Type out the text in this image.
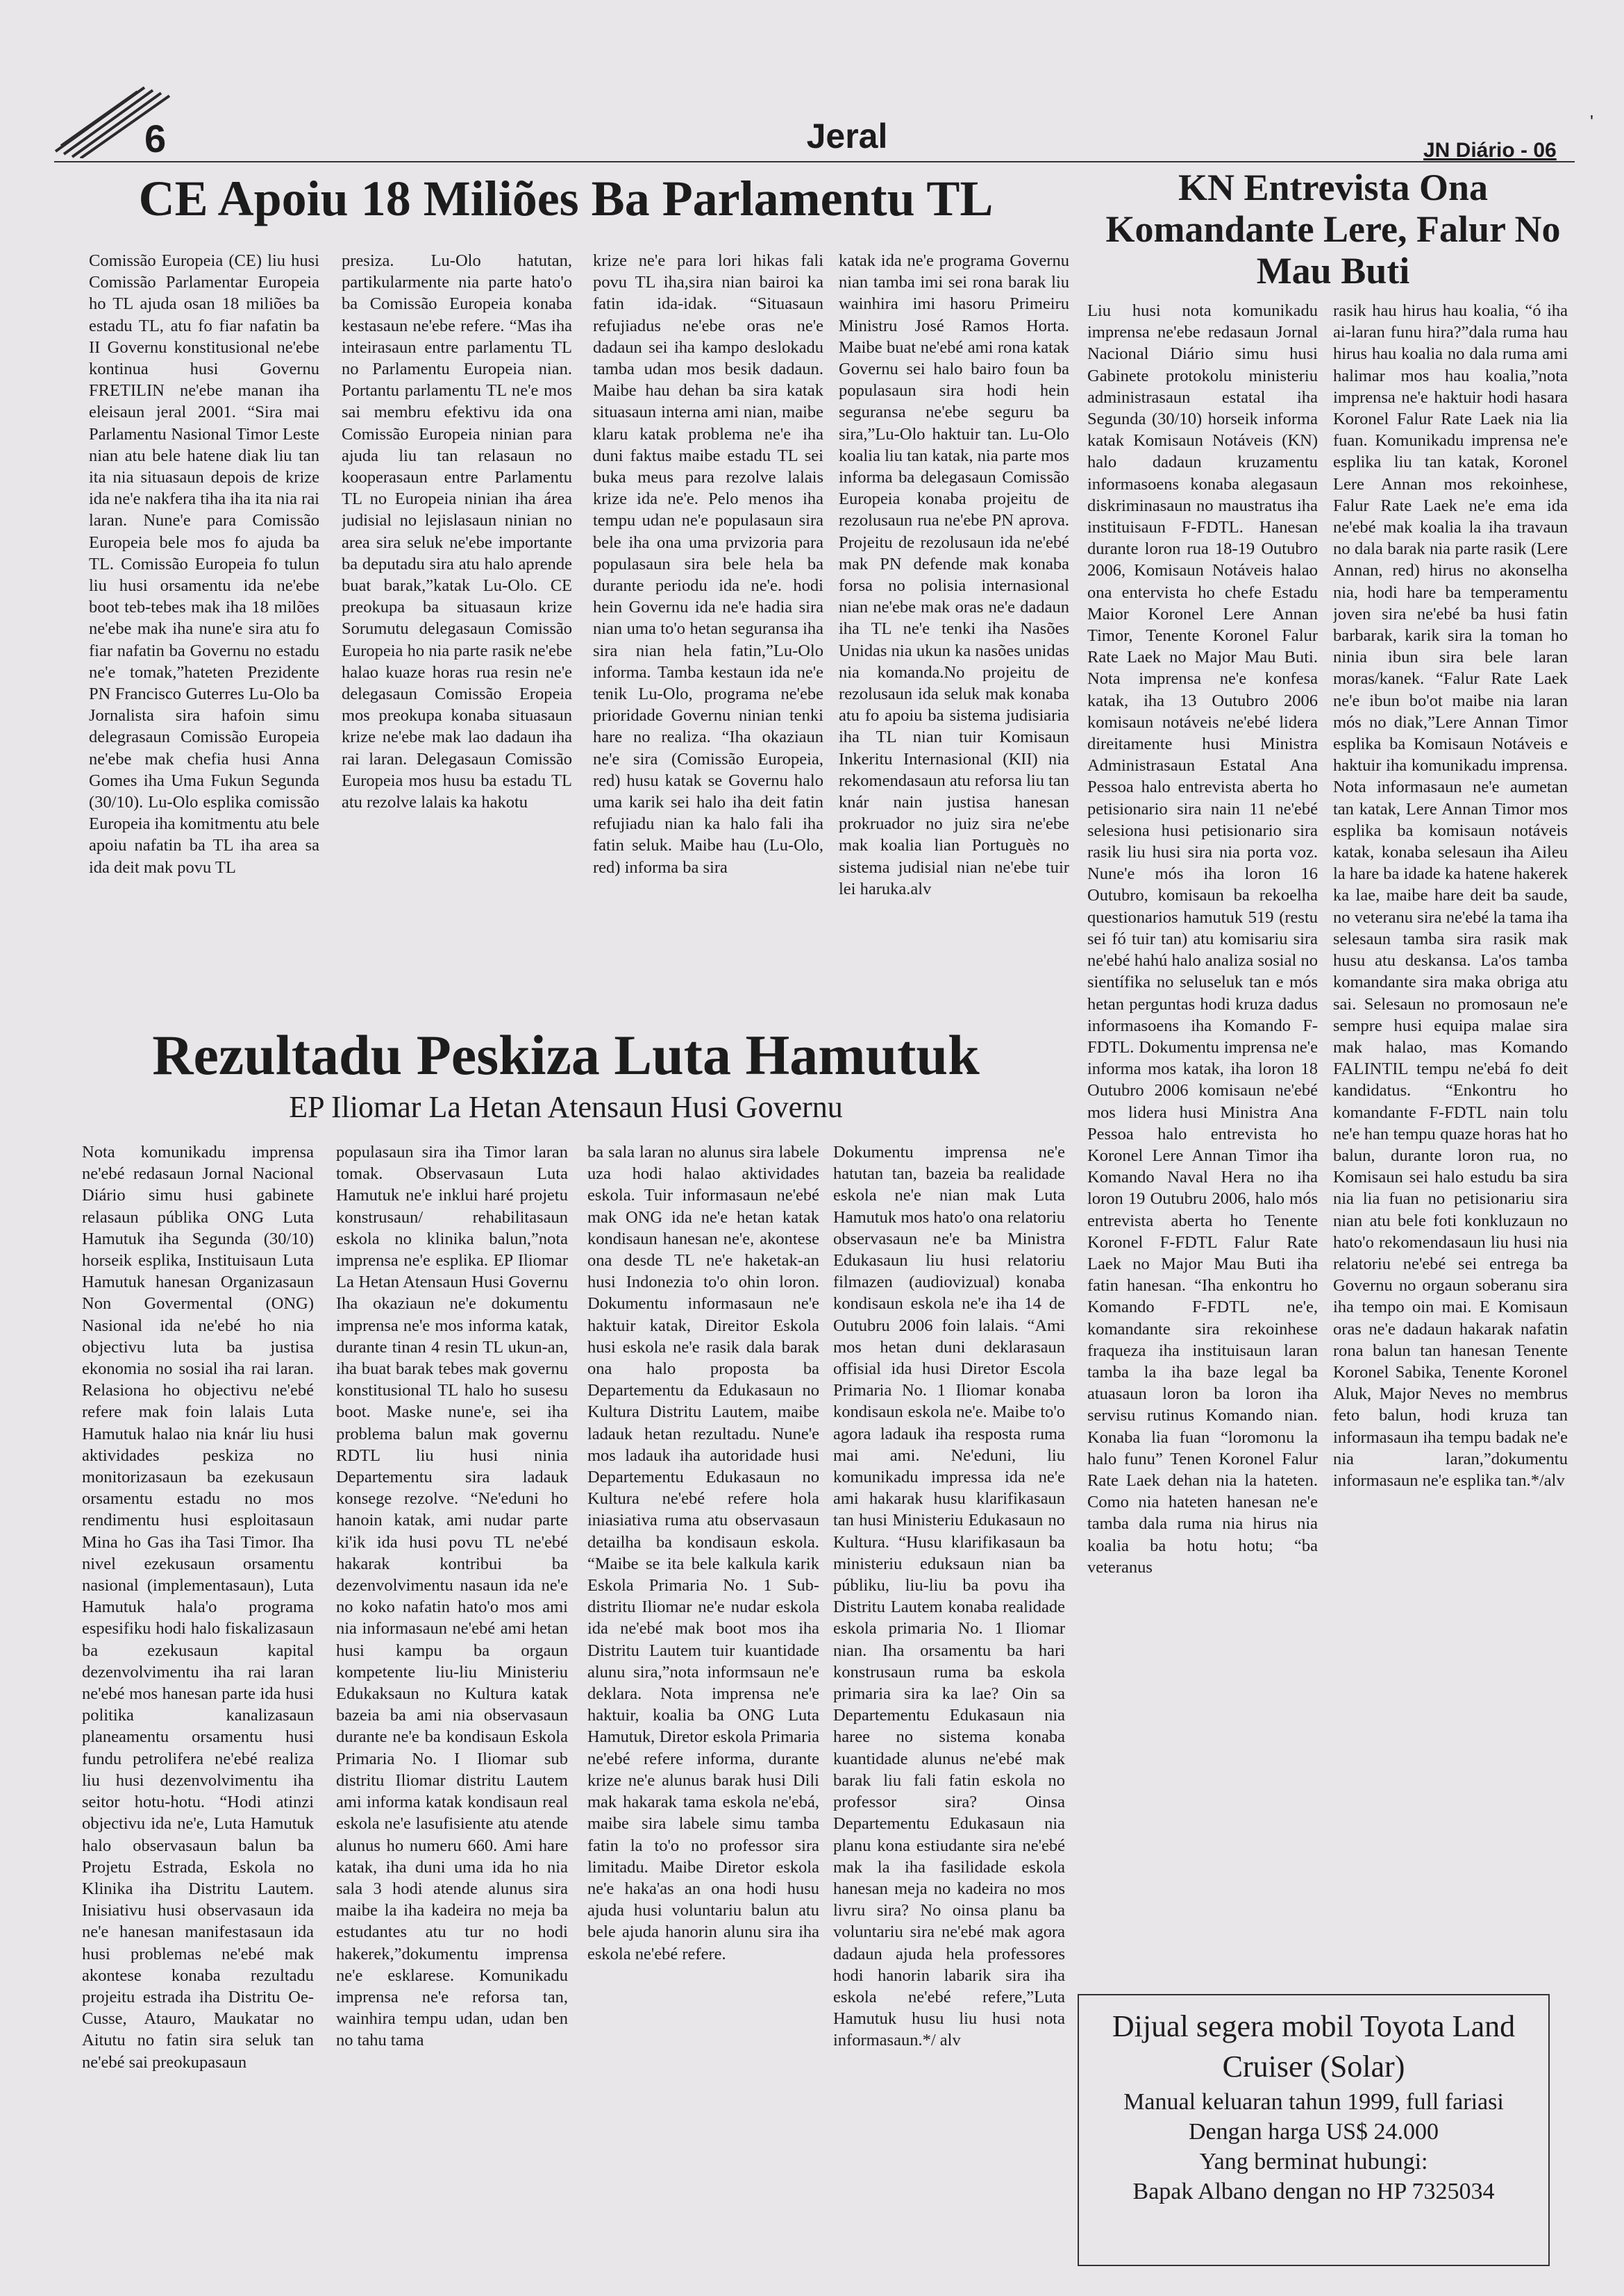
6	Jeral	JN Diário - 06
'
CE Apoiu 18 Miliões Ba Parlamentu TL

Comissão Europeia (CE) liu husi Comissão Parlamentar Europeia ho TL ajuda osan 18 miliões ba estadu TL, atu fo fiar nafatin ba II Governu konstitusional ne'ebe kontinua husi Governu FRETILIN ne'ebe manan iha eleisaun jeral 2001. “Sira mai Parlamentu Nasional Timor Leste nian atu bele hatene diak liu tan ita nia situasaun depois de krize ida ne'e nakfera tiha iha ita nia rai laran. Nune'e para Comissão Europeia bele mos fo ajuda ba TL. Comissão Europeia fo tulun liu husi orsamentu ida ne'ebe boot teb-tebes mak iha 18 milões ne'ebe mak iha nune'e sira atu fo fiar nafatin ba Governu no estadu ne'e tomak,”hateten Prezidente PN Francisco Guterres Lu-Olo ba Jornalista sira hafoin simu delegrasaun Comissão Europeia ne'ebe mak chefia husi Anna Gomes iha Uma Fukun Segunda (30/10). Lu-Olo esplika comissão Europeia iha komitmentu atu bele apoiu nafatin ba TL iha area sa ida deit mak povu TL

presiza. Lu-Olo hatutan, partikularmente nia parte hato'o ba Comissão Europeia konaba kestasaun ne'ebe refere. “Mas iha inteirasaun entre parlamentu TL no Parlamentu Europeia nian. Portantu parlamentu TL ne'e mos sai membru efektivu ida ona Comissão Europeia ninian para ajuda liu tan relasaun no kooperasaun entre Parlamentu TL no Europeia ninian iha área judisial no lejislasaun ninian no area sira seluk ne'ebe importante ba deputadu sira atu halo aprende buat barak,”katak Lu-Olo. CE preokupa ba situasaun krize Sorumutu delegasaun Comissão Europeia ho nia parte rasik ne'ebe halao kuaze horas rua resin ne'e delegasaun Comissão Eropeia mos preokupa konaba situasaun krize ne'ebe mak lao dadaun iha rai laran. Delegasaun Comissão Europeia mos husu ba estadu TL atu rezolve lalais ka hakotu

krize ne'e para lori hikas fali povu TL iha,sira nian bairoi ka fatin ida-idak. “Situasaun refujiadus ne'ebe oras ne'e dadaun sei iha kampo deslokadu tamba udan mos besik dadaun. Maibe hau dehan ba sira katak situasaun interna ami nian, maibe klaru katak problema ne'e iha duni faktus maibe estadu TL sei buka meus para rezolve lalais krize ida ne'e. Pelo menos iha tempu udan ne'e populasaun sira bele iha ona uma prvizoria para populasaun sira bele hela ba durante periodu ida ne'e. hodi hein Governu ida ne'e hadia sira nian uma to'o hetan seguransa iha sira nian hela fatin,”Lu-Olo informa. Tamba kestaun ida ne'e tenik Lu-Olo, programa ne'ebe prioridade Governu ninian tenki hare no realiza. “Iha okaziaun ne'e sira (Comissão Europeia, red) husu katak se Governu halo uma karik sei halo iha deit fatin refujiadu nian ka halo fali iha fatin seluk. Maibe hau (Lu-Olo, red) informa ba sira

katak ida ne'e programa Governu nian tamba imi sei rona barak liu wainhira imi hasoru Primeiru Ministru José Ramos Horta. Maibe buat ne'ebé ami rona katak Governu sei halo bairo foun ba populasaun sira hodi hein seguransa ne'ebe seguru ba sira,”Lu-Olo haktuir tan. Lu-Olo koalia liu tan katak, nia parte mos informa ba delegasaun Comissão Europeia konaba projeitu de rezolusaun rua ne'ebe PN aprova. Projeitu de rezolusaun ida ne'ebé mak PN defende mak konaba forsa no polisia internasional nian ne'ebe mak oras ne'e dadaun iha TL ne'e tenki iha Nasões Unidas nia ukun ka nasões unidas nia komanda.No projeitu de rezolusaun ida seluk mak konaba atu fo apoiu ba sistema judisiaria iha TL nian tuir Komisaun Inkeritu Internasional (KII) nia rekomendasaun atu reforsa liu tan knár nain justisa hanesan prokruador no juiz sira ne'ebe mak koalia lian Portuguès no sistema judisial nian ne'ebe tuir lei haruka.alv

KN Entrevista Ona Komandante Lere, Falur No Mau Buti

Liu husi nota komunikadu imprensa ne'ebe redasaun Jornal Nacional Diário simu husi Gabinete protokolu ministeriu administrasaun estatal iha Segunda (30/10) horseik informa katak Komisaun Notáveis (KN) halo dadaun kruzamentu informasoens konaba alegasaun diskriminasaun no maustratus iha instituisaun F-FDTL. Hanesan durante loron rua 18-19 Outubro 2006, Komisaun Notáveis halao ona entervista ho chefe Estadu Maior Koronel Lere Annan Timor, Tenente Koronel Falur Rate Laek no Major Mau Buti. Nota imprensa ne'e konfesa katak, iha 13 Outubro 2006 komisaun notáveis ne'ebé lidera direitamente husi Ministra Administrasaun Estatal Ana Pessoa halo entrevista aberta ho petisionario sira nain 11 ne'ebé selesiona husi petisionario sira rasik liu husi sira nia porta voz. Nune'e mós iha loron 16 Outubro, komisaun ba rekoelha questionarios hamutuk 519 (restu sei fó tuir tan) atu komisariu sira ne'ebé hahú halo analiza sosial no sientífika no seluseluk tan e mós hetan perguntas hodi kruza dadus informasoens iha Komando F-FDTL. Dokumentu imprensa ne'e informa mos katak, iha loron 18 Outubro 2006 komisaun ne'ebé mos lidera husi Ministra Ana Pessoa halo entrevista ho Koronel Lere Annan Timor iha Komando Naval Hera no iha loron 19 Outubru 2006, halo mós entrevista aberta ho Tenente Koronel F-FDTL Falur Rate Laek no Major Mau Buti iha fatin hanesan. “Iha enkontru ho Komando F-FDTL ne'e, komandante sira rekoinhese fraqueza iha instituisaun laran tamba la iha baze legal ba atuasaun loron ba loron iha servisu rutinus Komando nian. Konaba lia fuan “loromonu la halo funu” Tenen Koronel Falur Rate Laek dehan nia la hateten. Como nia hateten hanesan ne'e tamba dala ruma nia hirus nia koalia ba hotu hotu; “ba veteranus

rasik hau hirus hau koalia, “ó iha ai-laran funu hira?”dala ruma hau hirus hau koalia no dala ruma ami halimar mos hau koalia,”nota imprensa ne'e haktuir hodi hasara Koronel Falur Rate Laek nia lia fuan. Komunikadu imprensa ne'e esplika liu tan katak, Koronel Lere Annan mos rekoinhese, Falur Rate Laek ne'e ema ida ne'ebé mak koalia la iha travaun no dala barak nia parte rasik (Lere Annan, red) hirus no akonselha nia, hodi hare ba temperamentu joven sira ne'ebé ba husi fatin barbarak, karik sira la toman ho ninia ibun sira bele laran moras/kanek. “Falur Rate Laek ne'e ibun bo'ot maibe nia laran mós no diak,”Lere Annan Timor esplika ba Komisaun Notáveis e haktuir iha komunikadu imprensa. Nota informasaun ne'e aumetan tan katak, Lere Annan Timor mos esplika ba komisaun notáveis katak, konaba selesaun iha Aileu la hare ba idade ka hatene hakerek ka lae, maibe hare deit ba saude, no veteranu sira ne'ebé la tama iha selesaun tamba sira rasik mak husu atu deskansa. La'os tamba komandante sira maka obriga atu sai. Selesaun no promosaun ne'e sempre husi equipa malae sira mak halao, mas Komando FALINTIL tempu ne'ebá fo deit kandidatus. “Enkontru ho komandante F-FDTL nain tolu ne'e han tempu quaze horas hat ho balun, durante loron rua, no Komisaun sei halo estudu ba sira nia lia fuan no petisionariu sira nian atu bele foti konkluzaun no hato'o rekomendasaun liu husi nia relatoriu ne'ebé sei entrega ba Governu no orgaun soberanu sira iha tempo oin mai. E Komisaun oras ne'e dadaun hakarak nafatin rona balun tan hanesan Tenente Koronel Sabika, Tenente Koronel Aluk, Major Neves no membrus feto balun, hodi kruza tan informasaun iha tempu badak ne'e nia laran,”dokumentu informasaun ne'e esplika tan.*/alv

Rezultadu Peskiza Luta Hamutuk
EP Iliomar La Hetan Atensaun Husi Governu

Nota komunikadu imprensa ne'ebé redasaun Jornal Nacional Diário simu husi gabinete relasaun públika ONG Luta Hamutuk iha Segunda (30/10) horseik esplika, Instituisaun Luta Hamutuk hanesan Organizasaun Non Govermental (ONG) Nasional ida ne'ebé ho nia objectivu luta ba justisa ekonomia no sosial iha rai laran. Relasiona ho objectivu ne'ebé refere mak foin lalais Luta Hamutuk halao nia knár liu husi aktividades peskiza no monitorizasaun ba ezekusaun orsamentu estadu no mos rendimentu husi esploitasaun Mina ho Gas iha Tasi Timor. Iha nivel ezekusaun orsamentu nasional (implementasaun), Luta Hamutuk hala'o programa espesifiku hodi halo fiskalizasaun ba ezekusaun kapital dezenvolvimentu iha rai laran ne'ebé mos hanesan parte ida husi politika kanalizasaun planeamentu orsamentu husi fundu petrolifera ne'ebé realiza liu husi dezenvolvimentu iha seitor hotu-hotu. “Hodi atinzi objectivu ida ne'e, Luta Hamutuk halo observasaun balun ba Projetu Estrada, Eskola no Klinika iha Distritu Lautem. Inisiativu husi observasaun ida ne'e hanesan manifestasaun ida husi problemas ne'ebé mak akontese konaba rezultadu projeitu estrada iha Distritu Oe-Cusse, Atauro, Maukatar no Aitutu no fatin sira seluk tan ne'ebé sai preokupasaun

populasaun sira iha Timor laran tomak. Observasaun Luta Hamutuk ne'e inklui haré projetu konstrusaun/ rehabilitasaun eskola no klinika balun,”nota imprensa ne'e esplika. EP Iliomar La Hetan Atensaun Husi Governu Iha okaziaun ne'e dokumentu imprensa ne'e mos informa katak, durante tinan 4 resin TL ukun-an, iha buat barak tebes mak governu konstitusional TL halo ho susesu boot. Maske nune'e, sei iha problema balun mak governu RDTL liu husi ninia Departementu sira ladauk konsege rezolve. “Ne'eduni ho hanoin katak, ami nudar parte ki'ik ida husi povu TL ne'ebé hakarak kontribui ba dezenvolvimentu nasaun ida ne'e no koko nafatin hato'o mos ami nia informasaun ne'ebé ami hetan husi kampu ba orgaun kompetente liu-liu Ministeriu Edukaksaun no Kultura katak bazeia ba ami nia observasaun durante ne'e ba kondisaun Eskola Primaria No. I Iliomar sub distritu Iliomar distritu Lautem ami informa katak kondisaun real eskola ne'e lasufisiente atu atende alunus ho numeru 660. Ami hare katak, iha duni uma ida ho nia sala 3 hodi atende alunus sira maibe la iha kadeira no meja ba estudantes atu tur no hodi hakerek,”dokumentu imprensa ne'e esklarese. Komunikadu imprensa ne'e reforsa tan, wainhira tempu udan, udan ben no tahu tama

ba sala laran no alunus sira labele uza hodi halao aktividades eskola. Tuir informasaun ne'ebé mak ONG ida ne'e hetan katak kondisaun hanesan ne'e, akontese ona desde TL ne'e haketak-an husi Indonezia to'o ohin loron. Dokumentu informasaun ne'e haktuir katak, Direitor Eskola husi eskola ne'e rasik dala barak ona halo proposta ba Departementu da Edukasaun no Kultura Distritu Lautem, maibe ladauk hetan rezultadu. Nune'e mos ladauk iha autoridade husi Departementu Edukasaun no Kultura ne'ebé refere hola iniasiativa ruma atu observasaun detailha ba kondisaun eskola. “Maibe se ita bele kalkula karik Eskola Primaria No. 1 Sub-distritu Iliomar ne'e nudar eskola ida ne'ebé mak boot mos iha Distritu Lautem tuir kuantidade alunu sira,”nota informsaun ne'e deklara. Nota imprensa ne'e haktuir, koalia ba ONG Luta Hamutuk, Diretor eskola Primaria ne'ebé refere informa, durante krize ne'e alunus barak husi Dili mak hakarak tama eskola ne'ebá, maibe sira labele simu tamba fatin la to'o no professor sira limitadu. Maibe Diretor eskola ne'e haka'as an ona hodi husu ajuda husi voluntariu balun atu bele ajuda hanorin alunu sira iha eskola ne'ebé refere.

Dokumentu imprensa ne'e hatutan tan, bazeia ba realidade eskola ne'e nian mak Luta Hamutuk mos hato'o ona relatoriu observasaun ne'e ba Ministra Edukasaun liu husi relatoriu filmazen (audiovizual) konaba kondisaun eskola ne'e iha 14 de Outubru 2006 foin lalais. “Ami mos hetan duni deklarasaun offisial ida husi Diretor Escola Primaria No. 1 Iliomar konaba kondisaun eskola ne'e. Maibe to'o agora ladauk iha resposta ruma mai ami. Ne'eduni, liu komunikadu impressa ida ne'e ami hakarak husu klarifikasaun tan husi Ministeriu Edukasaun no Kultura. “Husu klarifikasaun ba ministeriu eduksaun nian ba públiku, liu-liu ba povu iha Distritu Lautem konaba realidade eskola primaria No. 1 Iliomar nian. Iha orsamentu ba hari konstrusaun ruma ba eskola primaria sira ka lae? Oin sa Departementu Edukasaun nia haree no sistema konaba kuantidade alunus ne'ebé mak barak liu fali fatin eskola no professor sira? Oinsa Departementu Edukasaun nia planu kona estiudante sira ne'ebé mak la iha fasilidade eskola hanesan meja no kadeira no mos livru sira? No oinsa planu ba voluntariu sira ne'ebé mak agora dadaun ajuda hela professores hodi hanorin labarik sira iha eskola ne'ebé refere,”Luta Hamutuk husu liu husi nota informasaun.*/ alv	Dijual segera mobil Toyota Land Cruiser (Solar)
Manual keluaran tahun 1999, full fariasi
Dengan harga US$ 24.000
Yang berminat hubungi:
Bapak Albano dengan no HP 7325034
